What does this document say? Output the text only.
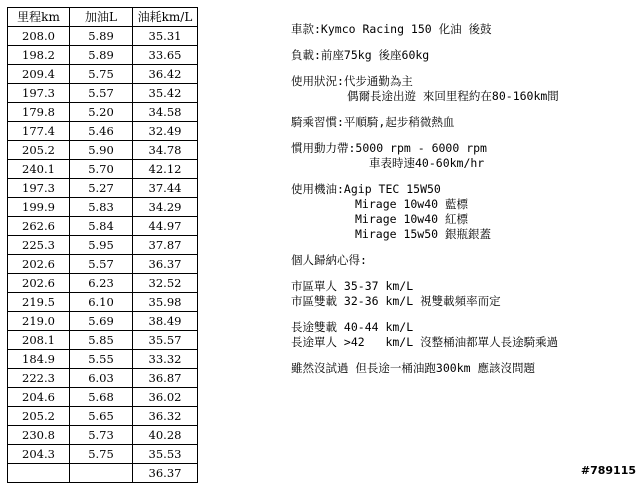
里程km	加油L	油耗km/L
208.0	5.89	35.31
198.2	5.89	33.65
209.4	5.75	36.42
197.3	5.57	35.42
179.8	5.20	34.58
177.4	5.46	32.49
205.2	5.90	34.78
240.1	5.70	42.12
197.3	5.27	37.44
199.9	5.83	34.29
262.6	5.84	44.97
225.3	5.95	37.87
202.6	5.57	36.37
202.6	6.23	32.52
219.5	6.10	35.98
219.0	5.69	38.49
208.1	5.85	35.57
184.9	5.55	33.32
222.3	6.03	36.87
204.6	5.68	36.02
205.2	5.65	36.32
230.8	5.73	40.28
204.3	5.75	35.53
		36.37
車款:Kymco Racing 150 化油 後鼓
負載:前座75kg 後座60kg
使用狀況:代步通勤為主
偶爾長途出遊 來回里程約在80-160km間
騎乘習慣:平順騎,起步稍微熱血
慣用動力帶:5000 rpm - 6000 rpm
車表時速40-60km/hr
使用機油:Agip TEC 15W50
Mirage 10w40 藍標
Mirage 10w40 紅標
Mirage 15w50 銀瓶銀蓋
個人歸納心得:
市區單人 35-37 km/L
市區雙載 32-36 km/L 視雙載頻率而定
長途雙載 40-44 km/L
長途單人 >42   km/L 沒整桶油都單人長途騎乘過
雖然沒試過 但長途一桶油跑300km 應該沒問題
#789115
